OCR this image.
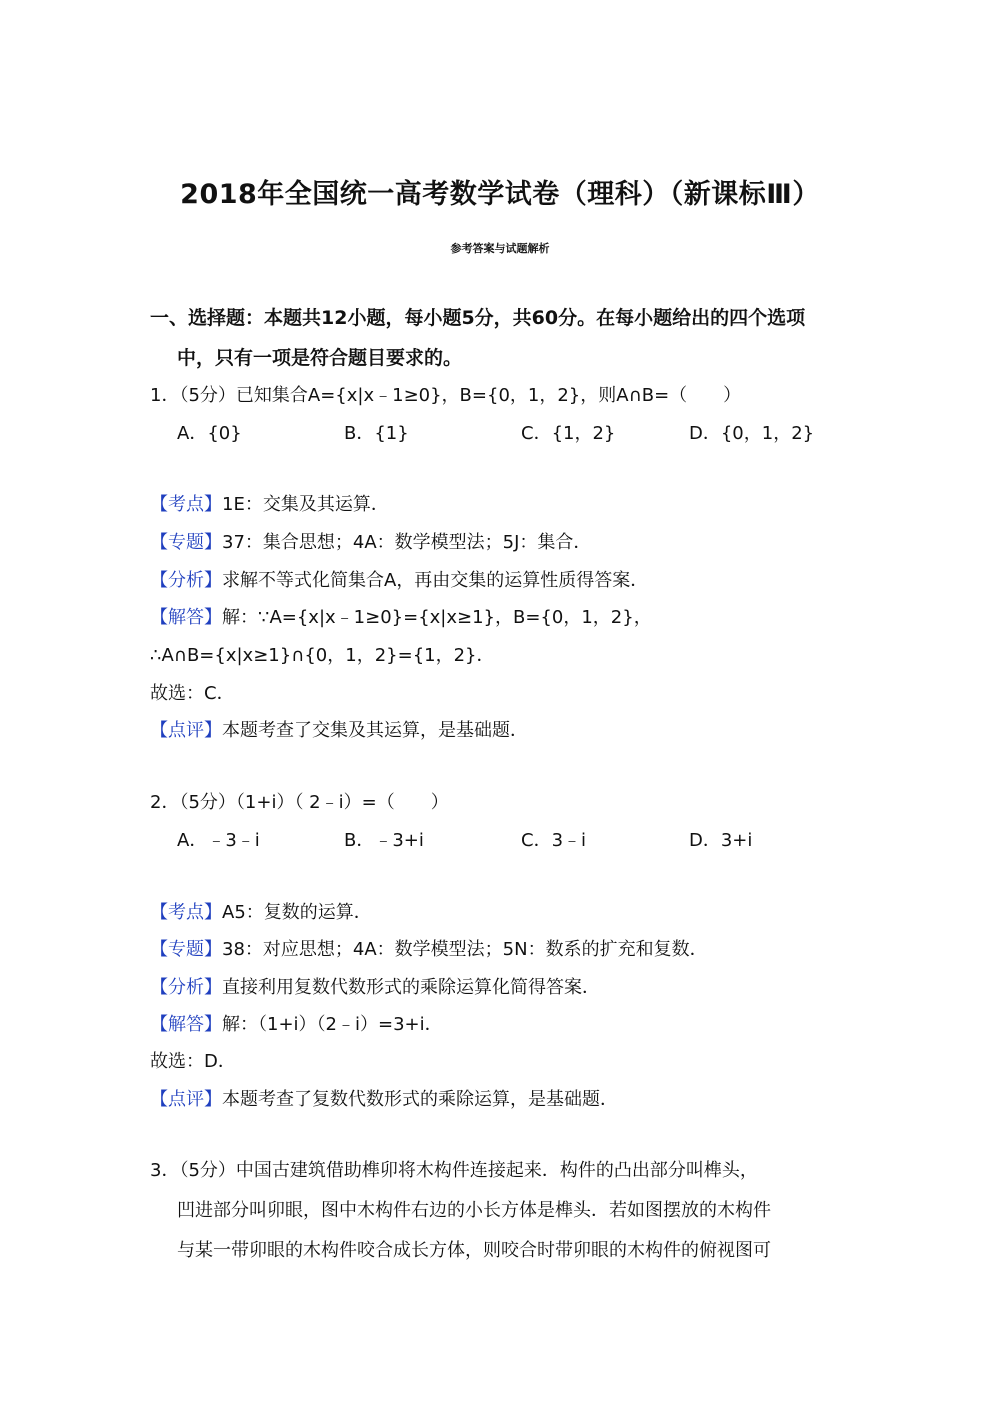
2018年全国统一高考数学试卷（理科）（新课标Ⅲ）
参考答案与试题解析
一、选择题：本题共12小题，每小题5分，共60分。在每小题给出的四个选项
中，只有一项是符合题目要求的。
1．（5分）已知集合A={x|x﹣1≥0}，B={0，1，2}，则A∩B=（　　）
A．{0}	B．{1}	C．{1，2}	D．{0，1，2}
【考点】1E：交集及其运算．
【专题】37：集合思想；4A：数学模型法；5J：集合．
【分析】求解不等式化简集合A，再由交集的运算性质得答案．
【解答】解：∵A={x|x﹣1≥0}={x|x≥1}，B={0，1，2}，
∴A∩B={x|x≥1}∩{0，1，2}={1，2}．
故选：C．
【点评】本题考查了交集及其运算，是基础题．
2．（5分）（1+i）（ 2﹣i）=（　　）
A．﹣3﹣i	B．﹣3+i	C．3﹣i	D．3+i
【考点】A5：复数的运算．
【专题】38：对应思想；4A：数学模型法；5N：数系的扩充和复数．
【分析】直接利用复数代数形式的乘除运算化简得答案．
【解答】解：（1+i）（2﹣i）=3+i．
故选：D．
【点评】本题考查了复数代数形式的乘除运算，是基础题．
3．（5分）中国古建筑借助榫卯将木构件连接起来．构件的凸出部分叫榫头，
凹进部分叫卯眼，图中木构件右边的小长方体是榫头．若如图摆放的木构件
与某一带卯眼的木构件咬合成长方体，则咬合时带卯眼的木构件的俯视图可
